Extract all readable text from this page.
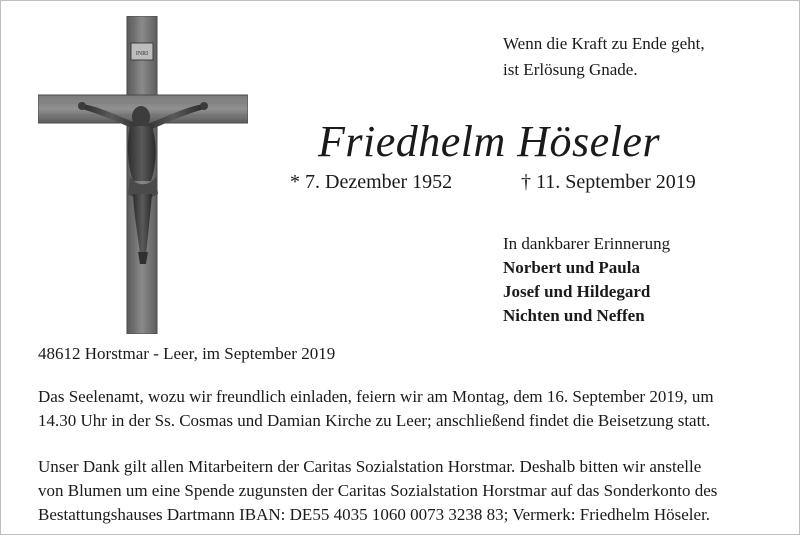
INRI
Wenn die Kraft zu Ende geht,
ist Erlösung Gnade.
Friedhelm Höseler
* 7. Dezember 1952	† 11. September 2019
In dankbarer Erinnerung
Norbert und Paula
Josef und Hildegard
Nichten und Neffen
48612 Horstmar - Leer, im September 2019
Das Seelenamt, wozu wir freundlich einladen, feiern wir am Montag, dem 16. September 2019, um
14.30 Uhr in der Ss. Cosmas und Damian Kirche zu Leer; anschließend findet die Beisetzung statt.
Unser Dank gilt allen Mitarbeitern der Caritas Sozialstation Horstmar. Deshalb bitten wir anstelle
von Blumen um eine Spende zugunsten der Caritas Sozialstation Horstmar auf das Sonderkonto des
Bestattungshauses Dartmann IBAN: DE55 4035 1060 0073 3238 83; Vermerk: Friedhelm Höseler.
